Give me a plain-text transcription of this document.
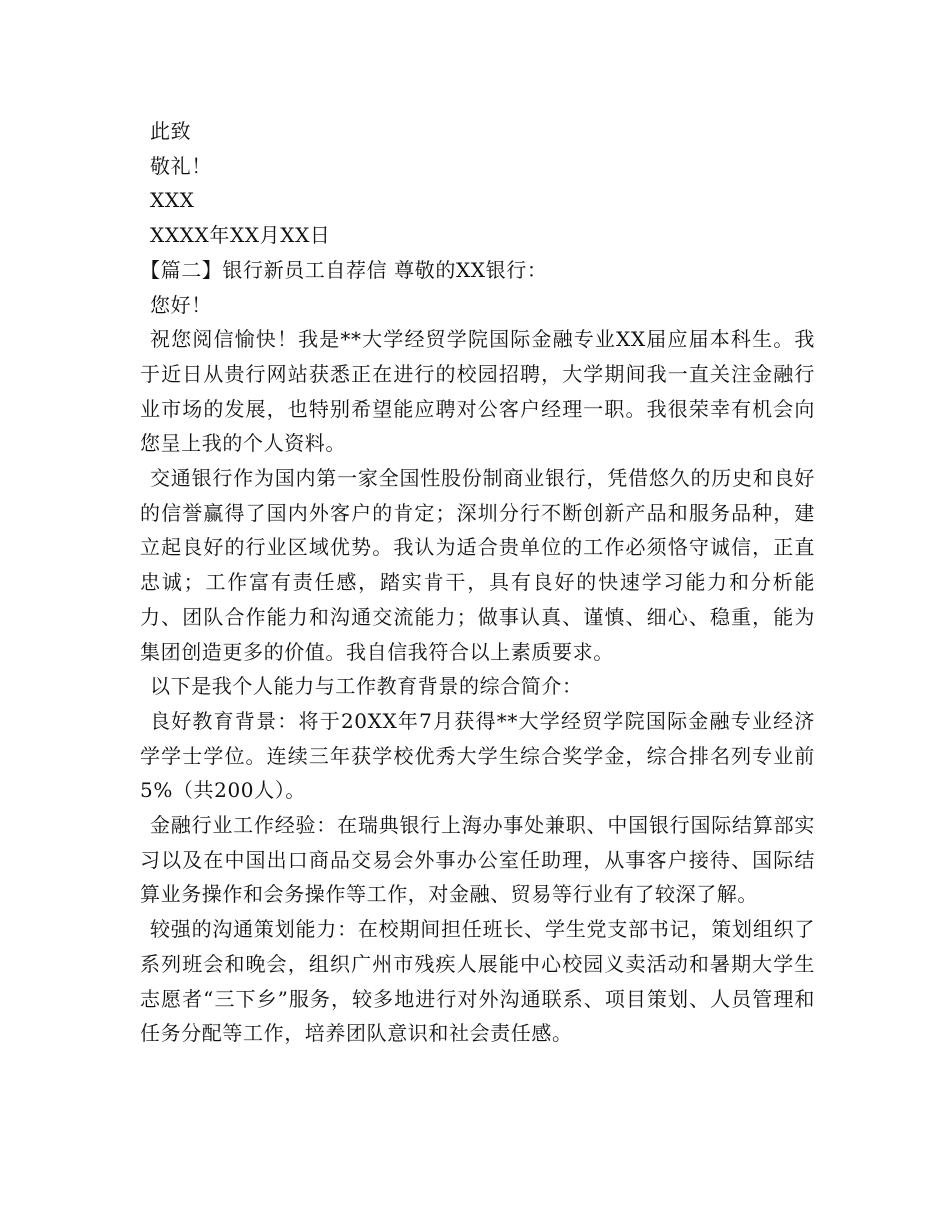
此致

敬礼！

XXX

XXXX年XX月XX日

【篇二】银行新员工自荐信 尊敬的XX银行：

您好！

祝您阅信愉快！我是**大学经贸学院国际金融专业XX届应届本科生。我于近日从贵行网站获悉正在进行的校园招聘，大学期间我一直关注金融行业市场的发展，也特别希望能应聘对公客户经理一职。我很荣幸有机会向您呈上我的个人资料。

交通银行作为国内第一家全国性股份制商业银行，凭借悠久的历史和良好的信誉赢得了国内外客户的肯定；深圳分行不断创新产品和服务品种，建立起良好的行业区域优势。我认为适合贵单位的工作必须恪守诚信，正直忠诚；工作富有责任感，踏实肯干，具有良好的快速学习能力和分析能力、团队合作能力和沟通交流能力；做事认真、谨慎、细心、稳重，能为集团创造更多的价值。我自信我符合以上素质要求。

以下是我个人能力与工作教育背景的综合简介：

良好教育背景：将于20XX年7月获得**大学经贸学院国际金融专业经济学学士学位。连续三年获学校优秀大学生综合奖学金，综合排名列专业前5%（共200人）。

金融行业工作经验：在瑞典银行上海办事处兼职、中国银行国际结算部实习以及在中国出口商品交易会外事办公室任助理，从事客户接待、国际结算业务操作和会务操作等工作，对金融、贸易等行业有了较深了解。

较强的沟通策划能力：在校期间担任班长、学生党支部书记，策划组织了系列班会和晚会，组织广州市残疾人展能中心校园义卖活动和暑期大学生志愿者“三下乡”服务，较多地进行对外沟通联系、项目策划、人员管理和任务分配等工作，培养团队意识和社会责任感。
